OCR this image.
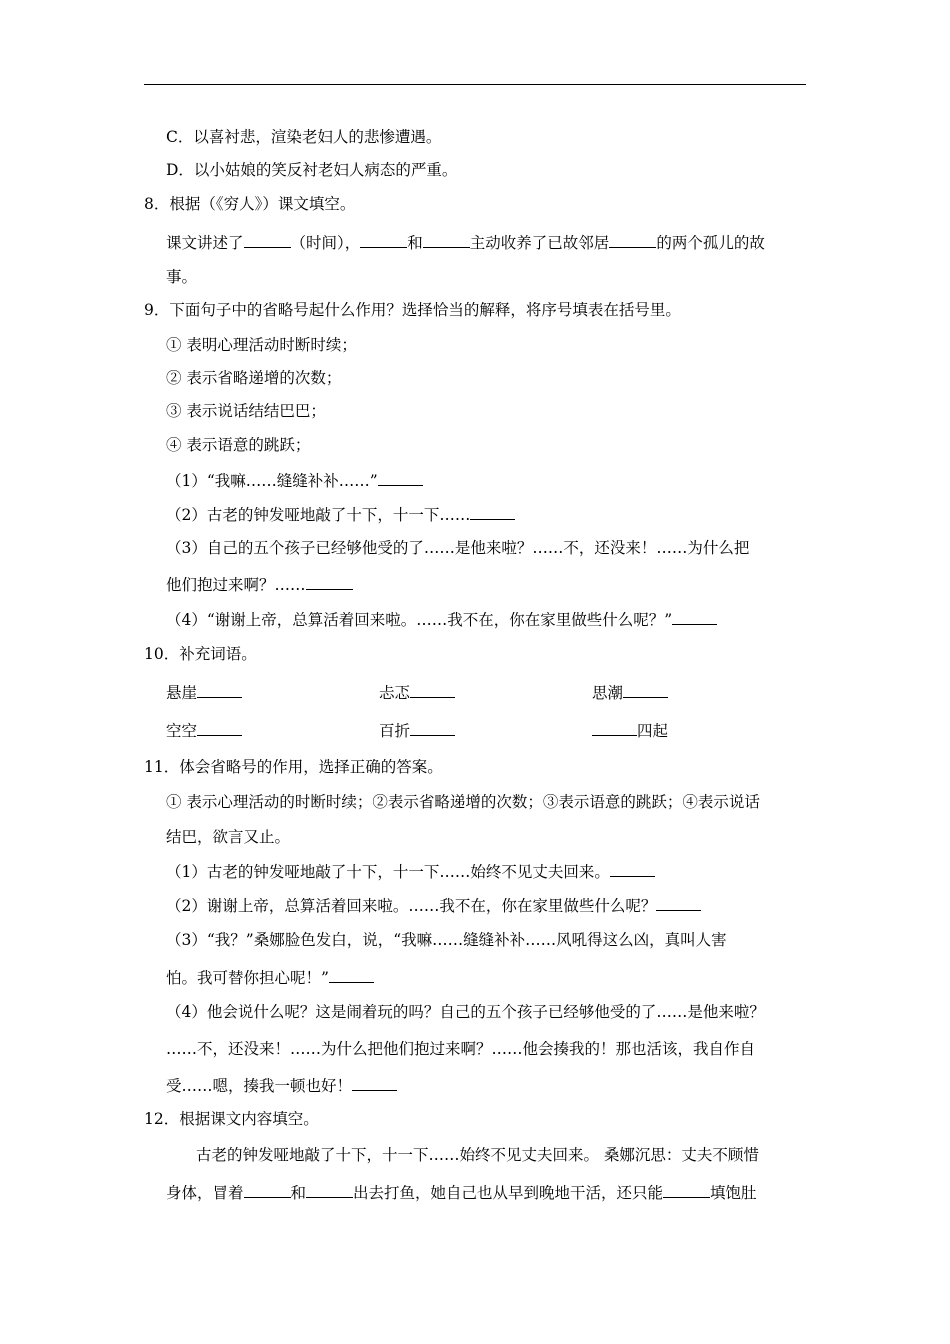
C．以喜衬悲，渲染老妇人的悲惨遭遇。
D．以小姑娘的笑反衬老妇人病态的严重。
8．根据（《穷人》）课文填空。
课文讲述了	（时间），	和	主动收养了已故邻居	的两个孤儿的故
事。
9．下面句子中的省略号起什么作用？选择恰当的解释，将序号填表在括号里。
① 表明心理活动时断时续；
② 表示省略递增的次数；
③ 表示说话结结巴巴；
④ 表示语意的跳跃；
（1）“我嘛……缝缝补补……”
（2）古老的钟发哑地敲了十下，十一下……
（3）自己的五个孩子已经够他受的了……是他来啦？……不，还没来！……为什么把
他们抱过来啊？……
（4）“谢谢上帝，总算活着回来啦。……我不在，你在家里做些什么呢？”
10．补充词语。
悬崖	忐忑	思潮
空空	百折	四起
11．体会省略号的作用，选择正确的答案。
① 表示心理活动的时断时续；②表示省略递增的次数；③表示语意的跳跃；④表示说话
结巴，欲言又止。
（1）古老的钟发哑地敲了十下，十一下……始终不见丈夫回来。
（2）谢谢上帝，总算活着回来啦。……我不在，你在家里做些什么呢？
（3）“我？”桑娜脸色发白，说，“我嘛……缝缝补补……风吼得这么凶，真叫人害
怕。我可替你担心呢！”
（4）他会说什么呢？这是闹着玩的吗？自己的五个孩子已经够他受的了……是他来啦？
……不，还没来！……为什么把他们抱过来啊？……他会揍我的！那也活该，我自作自
受……嗯，揍我一顿也好！
12．根据课文内容填空。
古老的钟发哑地敲了十下，十一下……始终不见丈夫回来。 桑娜沉思：丈夫不顾惜
身体，冒着	和	出去打鱼，她自己也从早到晚地干活，还只能	填饱肚
